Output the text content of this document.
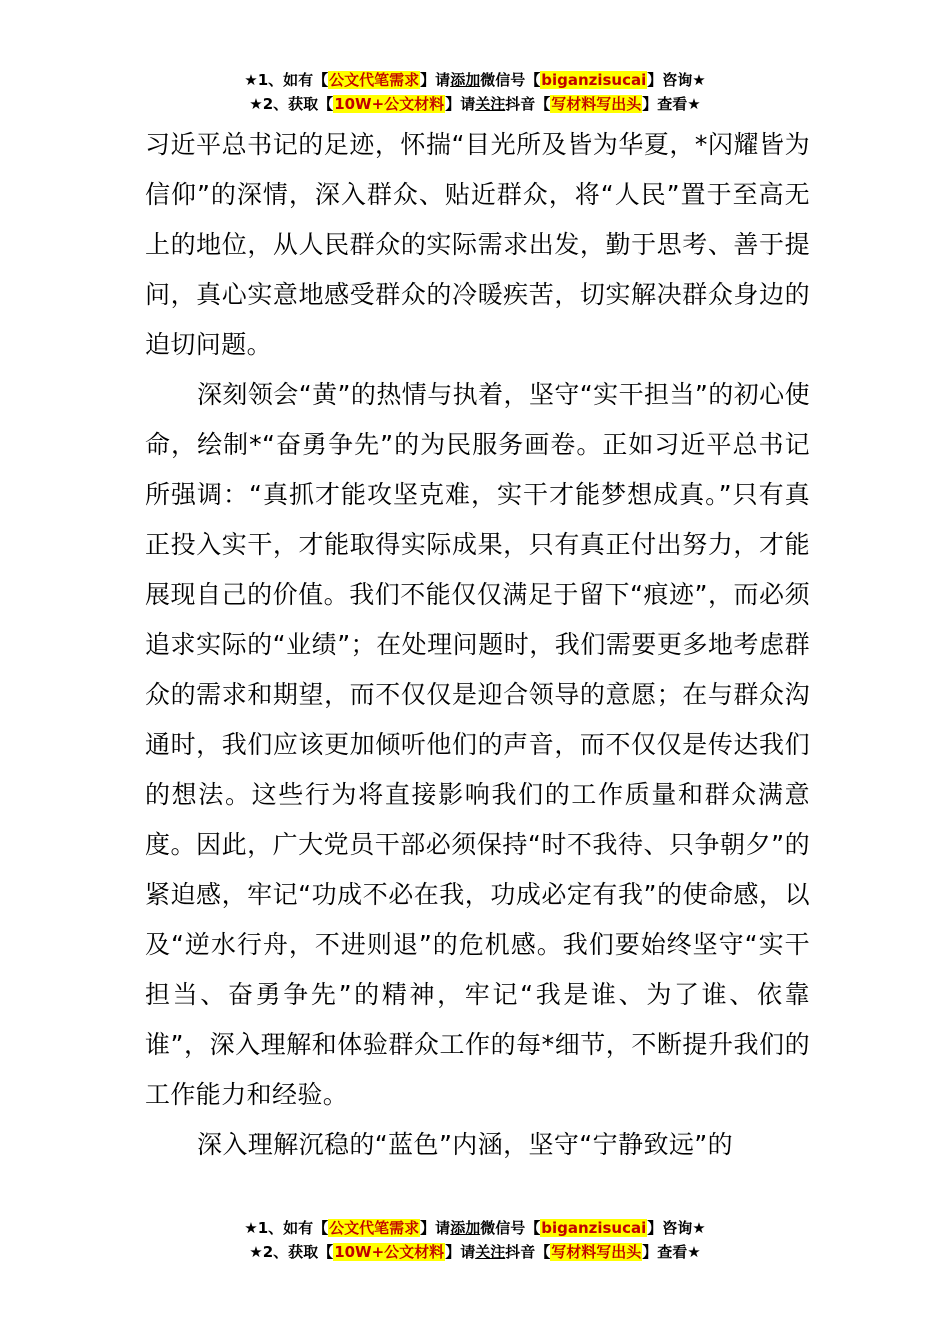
★1、如有【公文代笔需求】请添加微信号【biganzisucai】咨询★
★2、获取【10W+公文材料】请关注抖音【写材料写出头】查看★

习近平总书记的足迹，怀揣“目光所及皆为华夏，*闪耀皆为信仰”的深情，深入群众、贴近群众，将“人民”置于至高无上的地位，从人民群众的实际需求出发，勤于思考、善于提问，真心实意地感受群众的冷暖疾苦，切实解决群众身边的迫切问题。

深刻领会“黄”的热情与执着，坚守“实干担当”的初心使命，绘制*“奋勇争先”的为民服务画卷。正如习近平总书记所强调：“真抓才能攻坚克难，实干才能梦想成真。”只有真正投入实干，才能取得实际成果，只有真正付出努力，才能展现自己的价值。我们不能仅仅满足于留下“痕迹”，而必须追求实际的“业绩”；在处理问题时，我们需要更多地考虑群众的需求和期望，而不仅仅是迎合领导的意愿；在与群众沟通时，我们应该更加倾听他们的声音，而不仅仅是传达我们的想法。这些行为将直接影响我们的工作质量和群众满意度。因此，广大党员干部必须保持“时不我待、只争朝夕”的紧迫感，牢记“功成不必在我，功成必定有我”的使命感，以及“逆水行舟，不进则退”的危机感。我们要始终坚守“实干担当、奋勇争先”的精神，牢记“我是谁、为了谁、依靠谁”，深入理解和体验群众工作的每*细节，不断提升我们的工作能力和经验。

深入理解沉稳的“蓝色”内涵，坚守“宁静致远”的

★1、如有【公文代笔需求】请添加微信号【biganzisucai】咨询★
★2、获取【10W+公文材料】请关注抖音【写材料写出头】查看★
